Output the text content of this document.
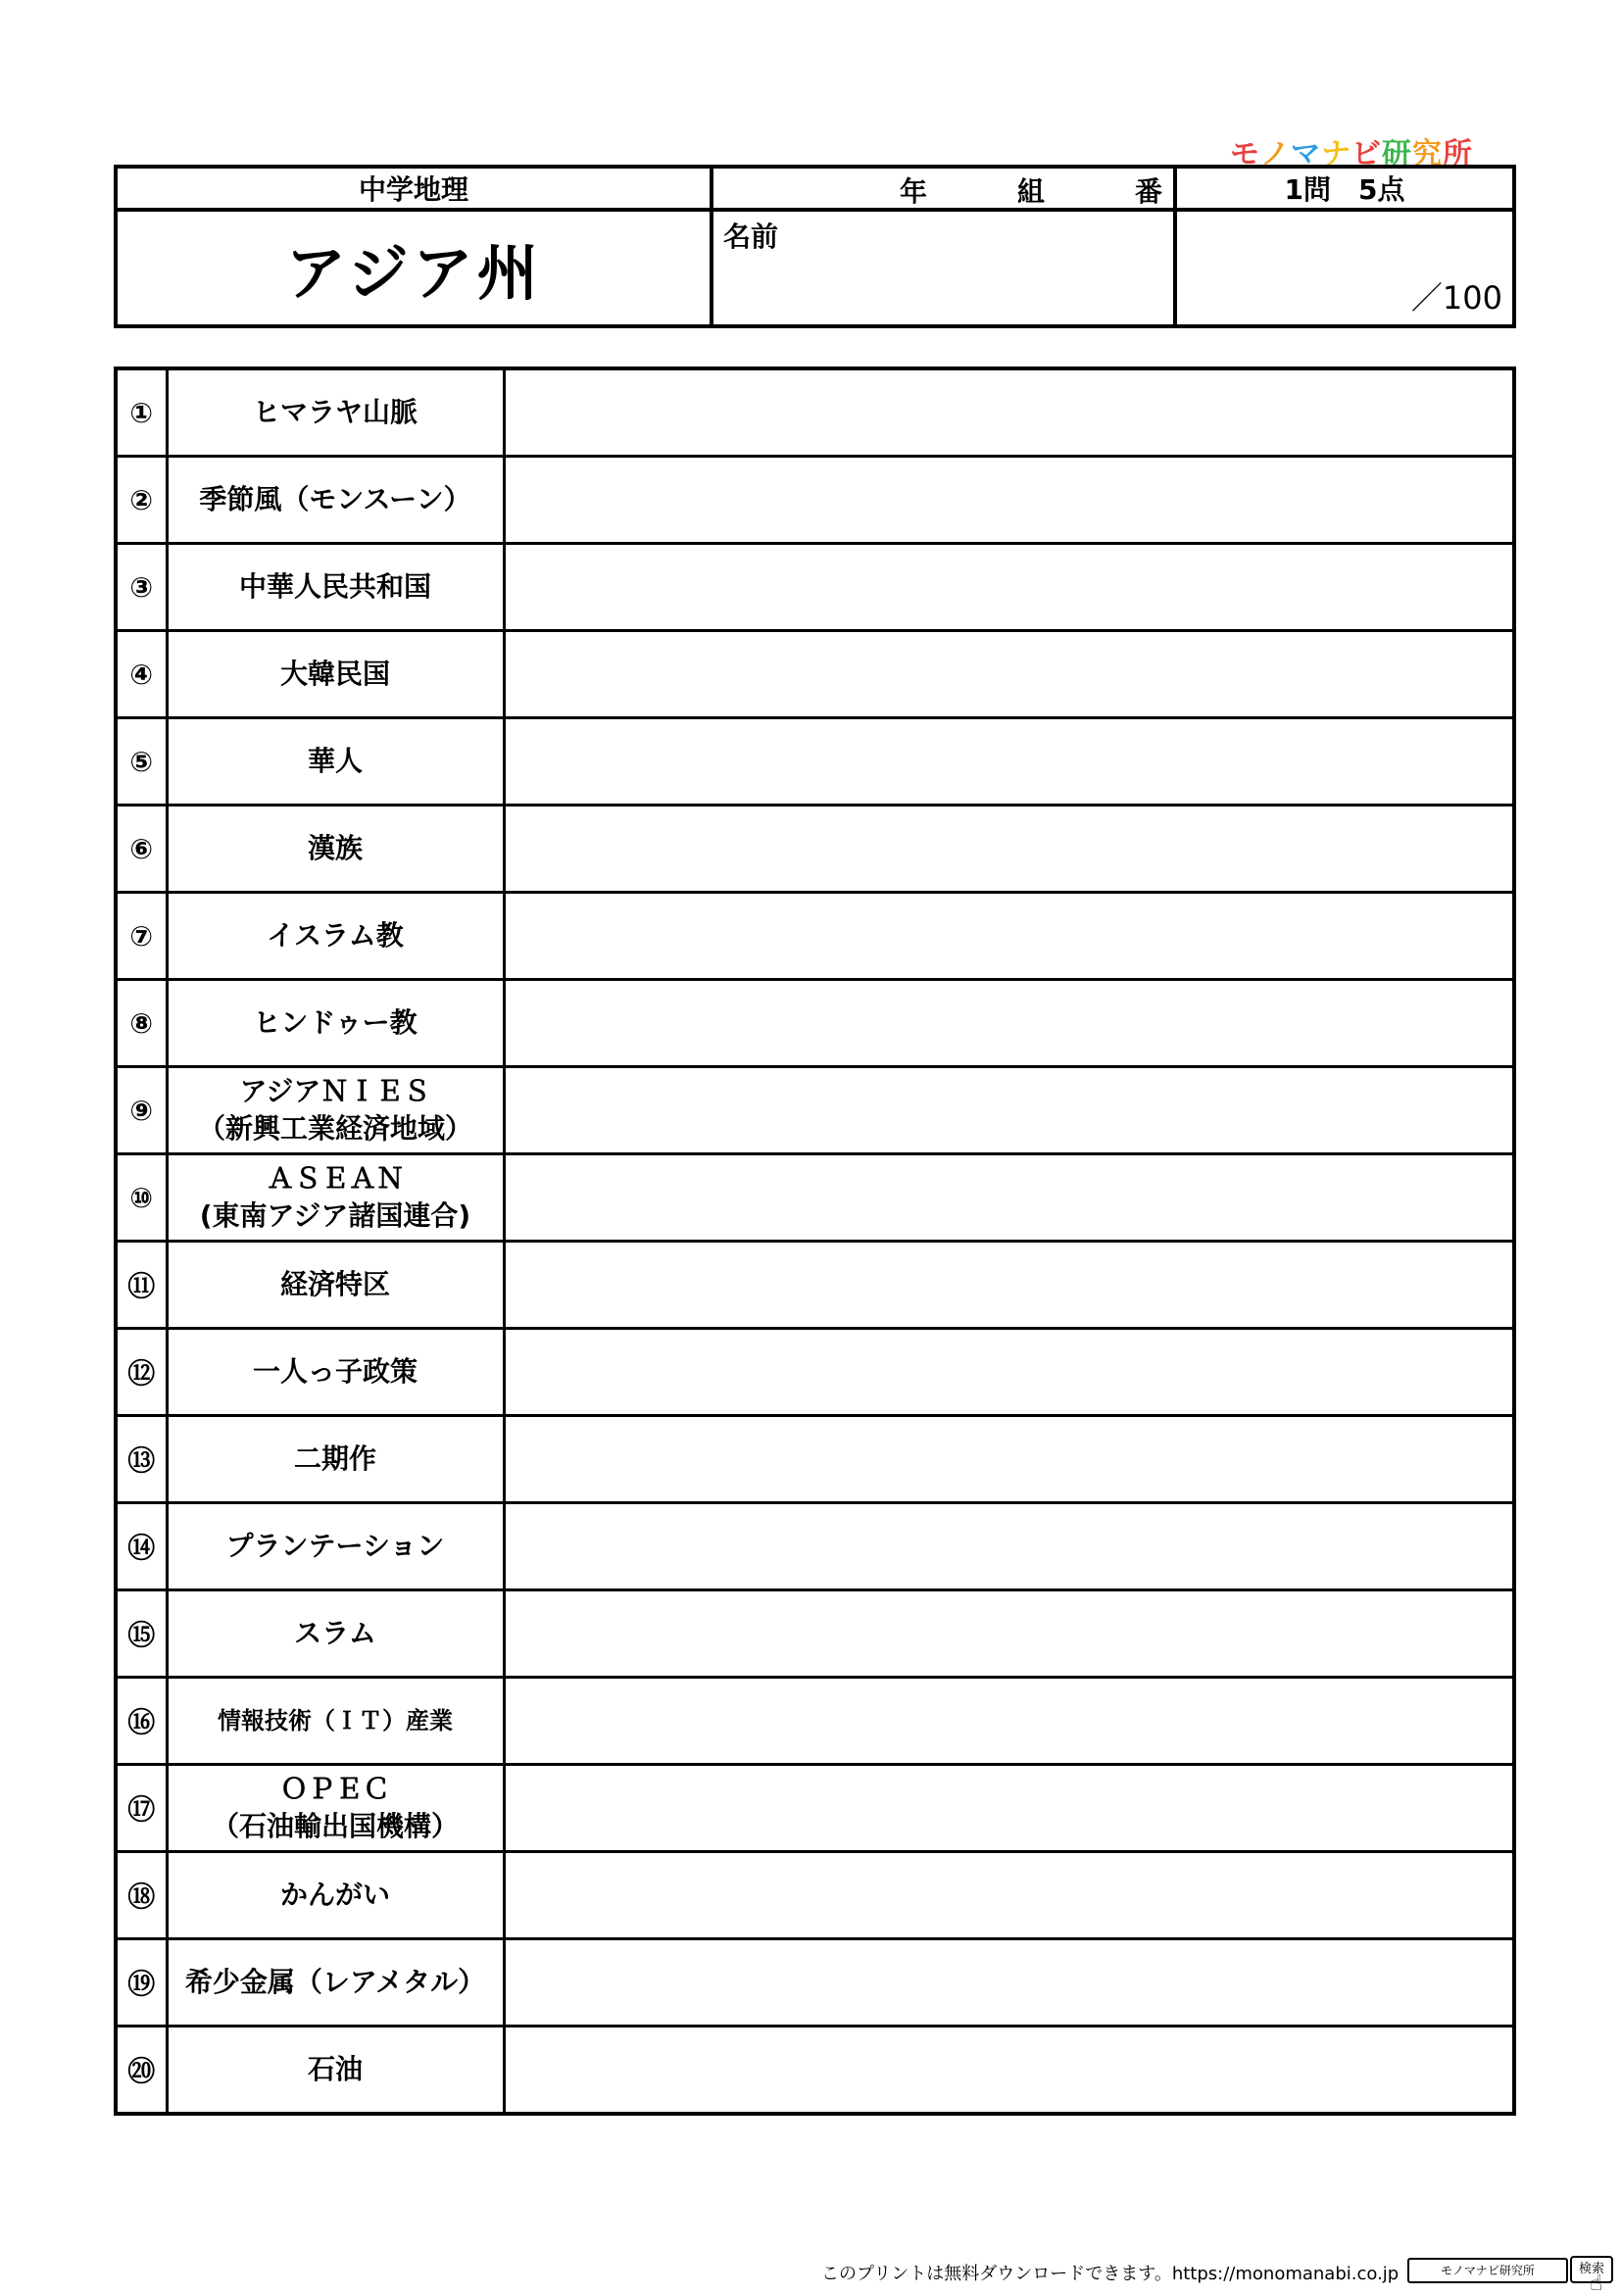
モノマナビ研究所
中学地理	年 組 番	1問　5点
アジア州	名前	／100
①	ヒマラヤ山脈	

②	季節風（モンスーン）	

③	中華人民共和国	

④	大韓民国	

⑤	華人	

⑥	漢族	

⑦	イスラム教	

⑧	ヒンドゥー教	

⑨	アジアＮＩＥＳ
（新興工業経済地域）	

⑩	ＡＳＥＡＮ
(東南アジア諸国連合)	

⑪	経済特区	

⑫	一人っ子政策	

⑬	二期作	

⑭	プランテーション	

⑮	スラム	

⑯	情報技術（ＩＴ）産業	

⑰	ＯＰＥＣ
（石油輸出国機構）	

⑱	かんがい	

⑲	希少金属（レアメタル）	

⑳	石油	

このプリントは無料ダウンロードできます。https://monomanabi.co.jp	モノマナビ研究所	検索
☝
